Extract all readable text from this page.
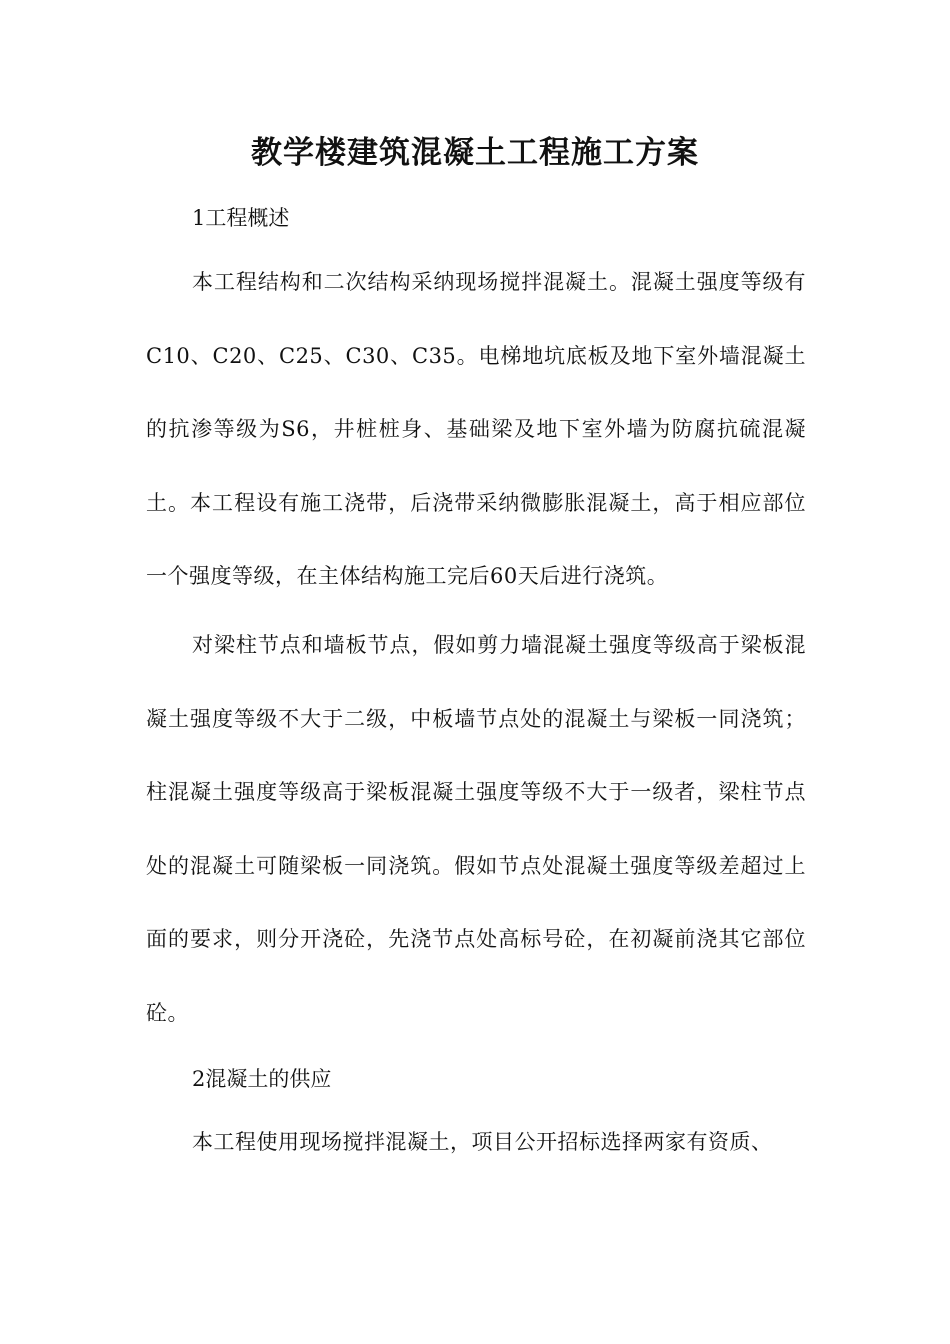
教学楼建筑混凝土工程施工方案

1工程概述

本工程结构和二次结构采纳现场搅拌混凝土。混凝土强度等级有C10、C20、C25、C30、C35。电梯地坑底板及地下室外墙混凝土的抗渗等级为S6，井桩桩身、基础梁及地下室外墙为防腐抗硫混凝土。本工程设有施工浇带，后浇带采纳微膨胀混凝土，高于相应部位一个强度等级，在主体结构施工完后60天后进行浇筑。

对梁柱节点和墙板节点，假如剪力墙混凝土强度等级高于梁板混凝土强度等级不大于二级，中板墙节点处的混凝土与梁板一同浇筑；柱混凝土强度等级高于梁板混凝土强度等级不大于一级者，梁柱节点处的混凝土可随梁板一同浇筑。假如节点处混凝土强度等级差超过上面的要求，则分开浇砼，先浇节点处高标号砼，在初凝前浇其它部位砼。

2混凝土的供应

本工程使用现场搅拌混凝土，项目公开招标选择两家有资质、
